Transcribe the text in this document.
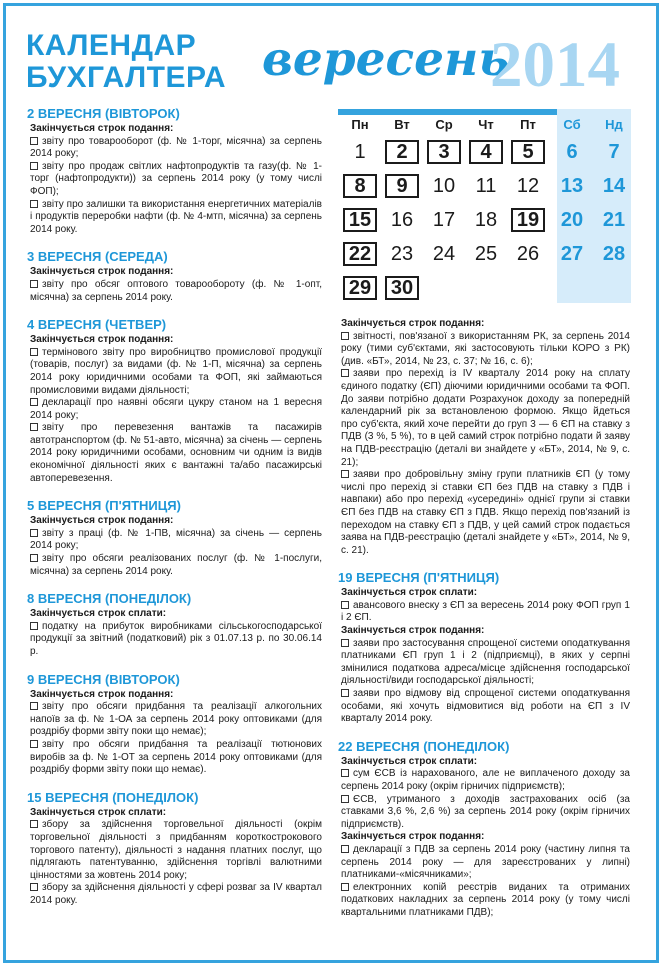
КАЛЕНДАР
БУХГАЛТЕРА вересень
2014
Пн	Вт	Ср	Чт	Пт	Сб	Нд
1	2	3	4	5	6	7
8	9	10	11	12 13 14
15 16 17 18 19 20 21
22 23 24 25 26 27 28
29 30
2 ВЕРЕСНЯ (ВІВТОРОК)
Закінчується строк подання:
звіту про товарооборот (ф. № 1-торг, місячна) за серпень 2014 року;
звіту про продаж світлих нафтопродуктів та газу(ф. № 1-торг (нафтопродукти)) за серпень 2014 року (у тому числі ФОП);
звіту про залишки та використання енергетичних матеріалів і продуктів переробки нафти (ф. № 4-мтп, місячна) за серпень 2014 року.
3 ВЕРЕСНЯ (СЕРЕДА)
Закінчується строк подання:
звіту про обсяг оптового товарообороту (ф. № 1-опт, місячна) за серпень 2014 року.
4 ВЕРЕСНЯ (ЧЕТВЕР)
Закінчується строк подання:
термінового звіту про виробництво промислової продукції (товарів, послуг) за видами (ф. № 1-П, місячна) за серпень 2014 року юридичними особами та ФОП, які займаються промисловими видами діяльності;
декларації про наявні обсяги цукру станом на 1 вересня 2014 року;
звіту про перевезення вантажів та пасажирів автотранспортом (ф. № 51-авто, місячна) за січень — серпень 2014 року юридичними особами, основним чи одним із видів економічної діяльності яких є вантажні та/або пасажирські автоперевезення.
5 ВЕРЕСНЯ (П'ЯТНИЦЯ)
Закінчується строк подання:
звіту з праці (ф. № 1-ПВ, місячна) за січень — серпень 2014 року;
звіту про обсяги реалізованих послуг (ф. № 1-послуги, місячна) за серпень 2014 року.
8 ВЕРЕСНЯ (ПОНЕДІЛОК)
Закінчується строк сплати:
податку на прибуток виробниками сільськогосподарської продукції за звітний (податковий) рік з 01.07.13 р. по 30.06.14 р.
9 ВЕРЕСНЯ (ВІВТОРОК)
Закінчується строк подання:
звіту про обсяги придбання та реалізації алкогольних напоїв за ф. № 1-ОА за серпень 2014 року оптовиками (для роздрібу форми звіту поки що немає);
звіту про обсяги придбання та реалізації тютюнових виробів за ф. № 1-ОТ за серпень 2014 року оптовиками (для роздрібу форми звіту поки що немає).
15 ВЕРЕСНЯ (ПОНЕДІЛОК)
Закінчується строк сплати:
збору за здійснення торговельної діяльності (окрім торговельної діяльності з придбанням короткострокового торгового патенту), діяльності з надання платних послуг, що підлягають патентуванню, здійснення торгівлі валютними цінностями за жовтень 2014 року;
збору за здійснення діяльності у сфері розваг за IV квартал 2014 року.
Закінчується строк подання:
звітності, пов'язаної з використанням РК, за серпень 2014 року (тими суб'єктами, які застосовують тільки КОРО з РК) (див. «БТ», 2014, № 23, с. 37; № 16, с. 6);
заяви про перехід із IV кварталу 2014 року на сплату єдиного податку (ЄП) діючими юридичними особами та ФОП. До заяви потрібно додати Розрахунок доходу за попередній календарний рік за встановленою формою. Якщо йдеться про суб'єкта, який хоче перейти до груп 3 — 6 ЄП на ставку з ПДВ (3 %, 5 %), то в цей самий строк потрібно подати й заяву на ПДВ-реєстрацію (деталі ви знайдете у «БТ», 2014, № 9, с. 21);
заяви про добровільну зміну групи платників ЄП (у тому числі про перехід зі ставки ЄП без ПДВ на ставку з ПДВ і навпаки) або про перехід «усередині» однієї групи зі ставки ЄП без ПДВ на ставку ЄП з ПДВ. Якщо перехід пов'язаний із переходом на ставку ЄП з ПДВ, у цей самий строк подається заява на ПДВ-реєстрацію (деталі знайдете у «БТ», 2014, № 9, с. 21).
19 ВЕРЕСНЯ (П'ЯТНИЦЯ)
Закінчується строк сплати:
авансового внеску з ЄП за вересень 2014 року ФОП груп 1 і 2 ЄП.
Закінчується строк подання:
заяви про застосування спрощеної системи оподаткування платниками ЄП груп 1 і 2 (підприємці), в яких у серпні змінилися податкова адреса/місце здійснення господарської діяльності/види господарської діяльності;
заяви про відмову від спрощеної системи оподаткування особами, які хочуть відмовитися від роботи на ЄП з IV кварталу 2014 року.
22 ВЕРЕСНЯ (ПОНЕДІЛОК)
Закінчується строк сплати:
сум ЄСВ із нарахованого, але не виплаченого доходу за серпень 2014 року (окрім гірничих підприємств);
ЄСВ, утриманого з доходів застрахованих осіб (за ставками 3,6 %, 2,6 %) за серпень 2014 року (окрім гірничих підприємств).
Закінчується строк подання:
декларації з ПДВ за серпень 2014 року (частину липня та серпень 2014 року — для зареєстрованих у липні) платниками-«місячниками»;
електронних копій реєстрів виданих та отриманих податкових накладних за серпень 2014 року (у тому числі квартальними платниками ПДВ);
